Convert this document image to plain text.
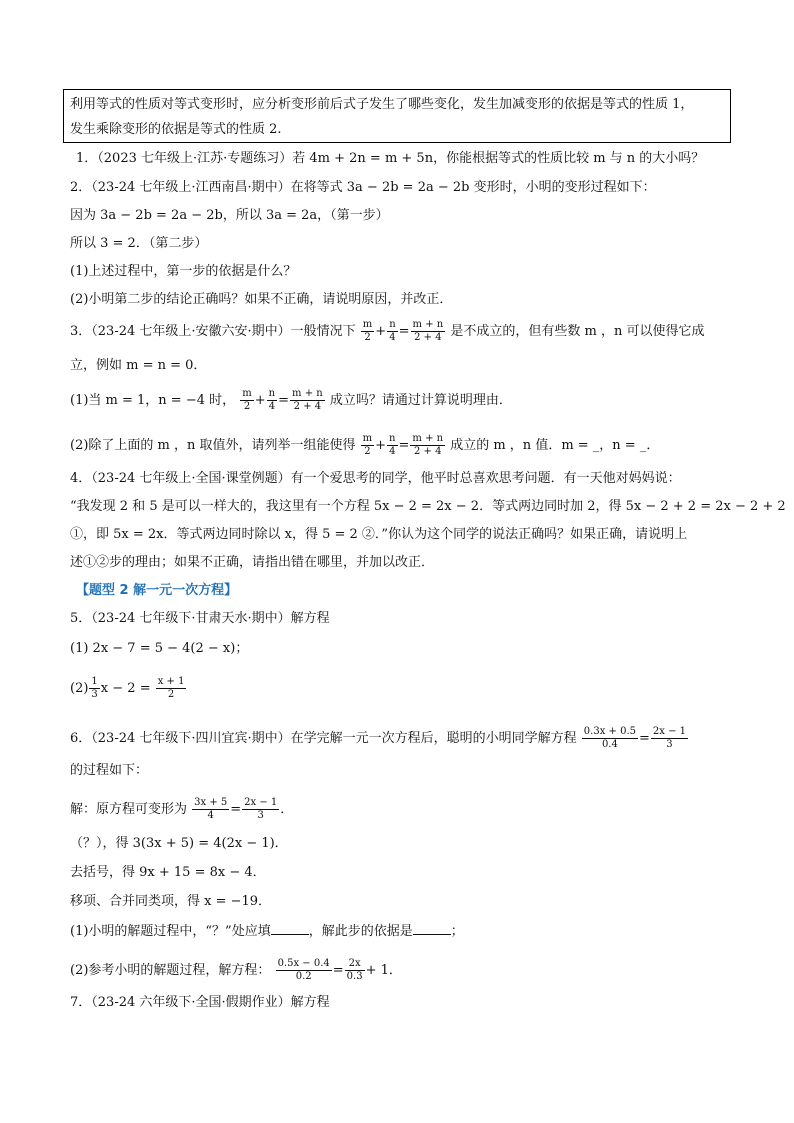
利用等式的性质对等式变形时，应分析变形前后式子发生了哪些变化，发生加减变形的依据是等式的性质 1，
发生乘除变形的依据是等式的性质 2.
1．（2023 七年级上·江苏·专题练习）若 4m + 2n = m + 5n，你能根据等式的性质比较 m 与 n 的大小吗？
2．（23-24 七年级上·江西南昌·期中）在将等式 3a − 2b = 2a − 2b 变形时，小明的变形过程如下：
因为 3a − 2b = 2a − 2b，所以 3a = 2a，（第一步）
所以 3 = 2．（第二步）
(1)上述过程中，第一步的依据是什么？
(2)小明第二步的结论正确吗？如果不正确，请说明原因，并改正．
3．（23-24 七年级上·安徽六安·期中）一般情况下 $\frac{m}{2} + \frac{n}{4} = \frac{m + n}{2 + 4}$ 是不成立的，但有些数 m ，n 可以使得它成
立，例如 m = n = 0．
(1)当 m = 1，n = −4 时， $\frac{m}{2} + \frac{n}{4} = \frac{m + n}{2 + 4}$ 成立吗？请通过计算说明理由．
(2)除了上面的 m ，n 取值外，请列举一组能使得 $\frac{m}{2} + \frac{n}{4} = \frac{m + n}{2 + 4}$ 成立的 m ，n 值．m = _，n = _．
4．（23-24 七年级上·全国·课堂例题）有一个爱思考的同学，他平时总喜欢思考问题．有一天他对妈妈说：
“我发现 2 和 5 是可以一样大的，我这里有一个方程 5x − 2 = 2x − 2．等式两边同时加 2，得 5x − 2 + 2 = 2x − 2 + 2
①，即 5x = 2x．等式两边同时除以 x，得 5 = 2 ②．”你认为这个同学的说法正确吗？如果正确，请说明上
述①②步的理由；如果不正确，请指出错在哪里，并加以改正．
【题型 2 解一元一次方程】
5．（23-24 七年级下·甘肃天水·期中）解方程
(1) 2x − 7 = 5 − 4(2 − x)；
$(2) \frac{1}{3}$ $x - 2 = \frac{x + 1}{2}$
6．（23-24 七年级下·四川宜宾·期中）在学完解一元一次方程后，聪明的小明同学解方程 $\frac{0.3x + 0.5}{0.4} = \frac{2x - 1}{3}$
的过程如下：
解：原方程可变形为 $\frac{3x + 5}{4} = \frac{2x - 1}{3}$ ．
（？），得 3(3x + 5) = 4(2x − 1)．
去括号，得 9x + 15 = 8x − 4．
移项、合并同类项，得 x = −19．
(1)小明的解题过程中，“？”处应填	，解此步的依据是	；
(2)参考小明的解题过程，解方程： $\frac{0.5x - 0.4}{0.2} = \frac{2x}{0.3} + 1$．
7．（23-24 六年级下·全国·假期作业）解方程
